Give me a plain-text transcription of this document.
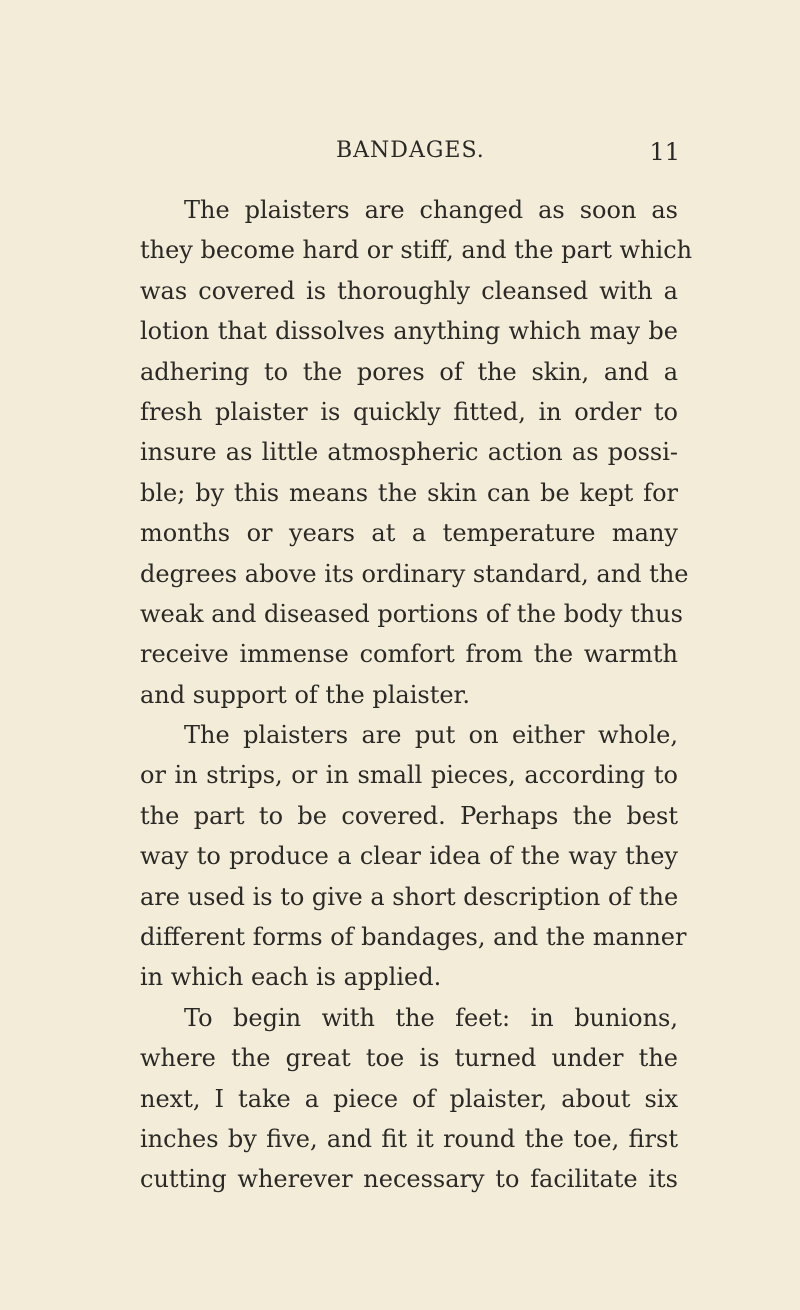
BANDAGES.	11
The plaisters are changed as soon as
they become hard or stiff, and the part which
was covered is thoroughly cleansed with a
lotion that dissolves anything which may be
adhering to the pores of the skin, and a
fresh plaister is quickly fitted, in order to
insure as little atmospheric action as possi-
ble; by this means the skin can be kept for
months or years at a temperature many
degrees above its ordinary standard, and the
weak and diseased portions of the body thus
receive immense comfort from the warmth
and support of the plaister.
The plaisters are put on either whole,
or in strips, or in small pieces, according to
the part to be covered. Perhaps the best
way to produce a clear idea of the way they
are used is to give a short description of the
different forms of bandages, and the manner
in which each is applied.
To begin with the feet: in bunions,
where the great toe is turned under the
next, I take a piece of plaister, about six
inches by five, and fit it round the toe, first
cutting wherever necessary to facilitate its
